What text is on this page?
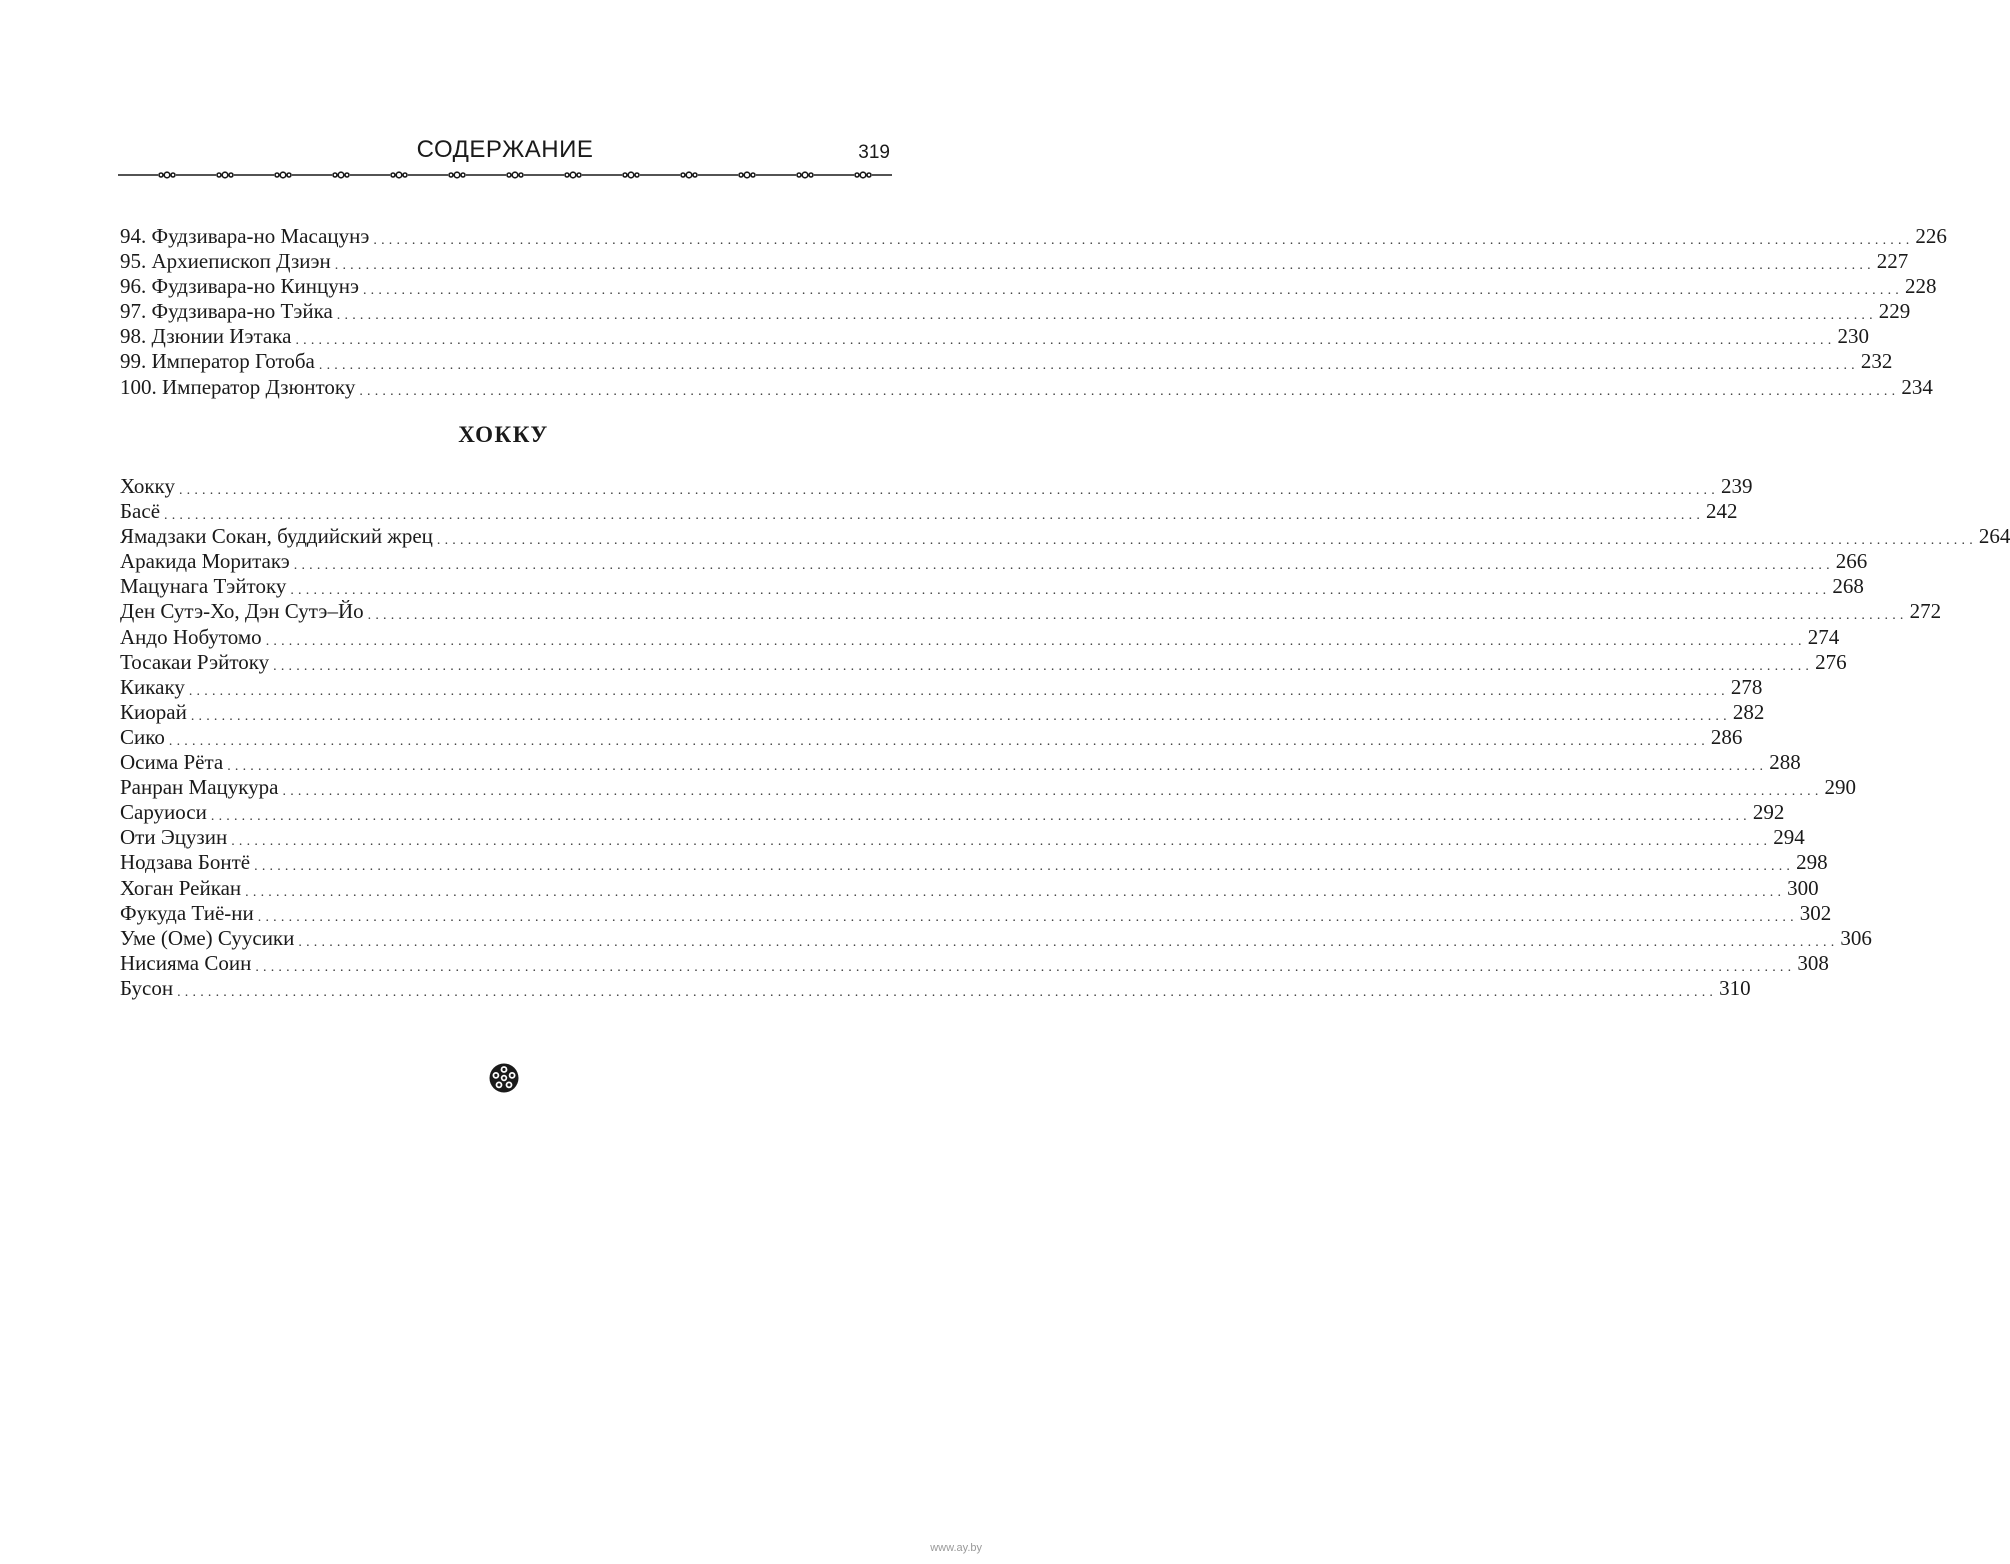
СОДЕРЖАНИЕ	319
94. Фудзивара-но Масацунэ ........................................................................................................................................................................................................ 226
95. Архиепископ Дзиэн ........................................................................................................................................................................................................ 227
96. Фудзивара-но Кинцунэ ........................................................................................................................................................................................................ 228
97. Фудзивара-но Тэйка ........................................................................................................................................................................................................ 229
98. Дзюнии Иэтака ........................................................................................................................................................................................................ 230
99. Император Готоба ........................................................................................................................................................................................................ 232
100. Император Дзюнтоку ........................................................................................................................................................................................................ 234
ХОККУ
Хокку ........................................................................................................................................................................................................ 239
Басё ........................................................................................................................................................................................................ 242
Ямадзаки Сокан, буддийский жрец ........................................................................................................................................................................................................ 264
Аракида Моритакэ ........................................................................................................................................................................................................ 266
Мацунага Тэйтоку ........................................................................................................................................................................................................ 268
Ден Сутэ-Хо, Дэн Сутэ–Йо ........................................................................................................................................................................................................ 272
Андо Нобутомо ........................................................................................................................................................................................................ 274
Тосакаи Рэйтоку ........................................................................................................................................................................................................ 276
Кикаку ........................................................................................................................................................................................................ 278
Киорай ........................................................................................................................................................................................................ 282
Сико ........................................................................................................................................................................................................ 286
Осима Рёта ........................................................................................................................................................................................................ 288
Ранран Мацукура ........................................................................................................................................................................................................ 290
Саруиоси ........................................................................................................................................................................................................ 292
Оти Эцузин ........................................................................................................................................................................................................ 294
Нодзава Бонтё ........................................................................................................................................................................................................ 298
Хоган Рейкан ........................................................................................................................................................................................................ 300
Фукуда Тиё-ни ........................................................................................................................................................................................................ 302
Уме (Оме) Суусики ........................................................................................................................................................................................................ 306
Нисияма Соин ........................................................................................................................................................................................................ 308
Бусон ........................................................................................................................................................................................................ 310
www.ay.by
